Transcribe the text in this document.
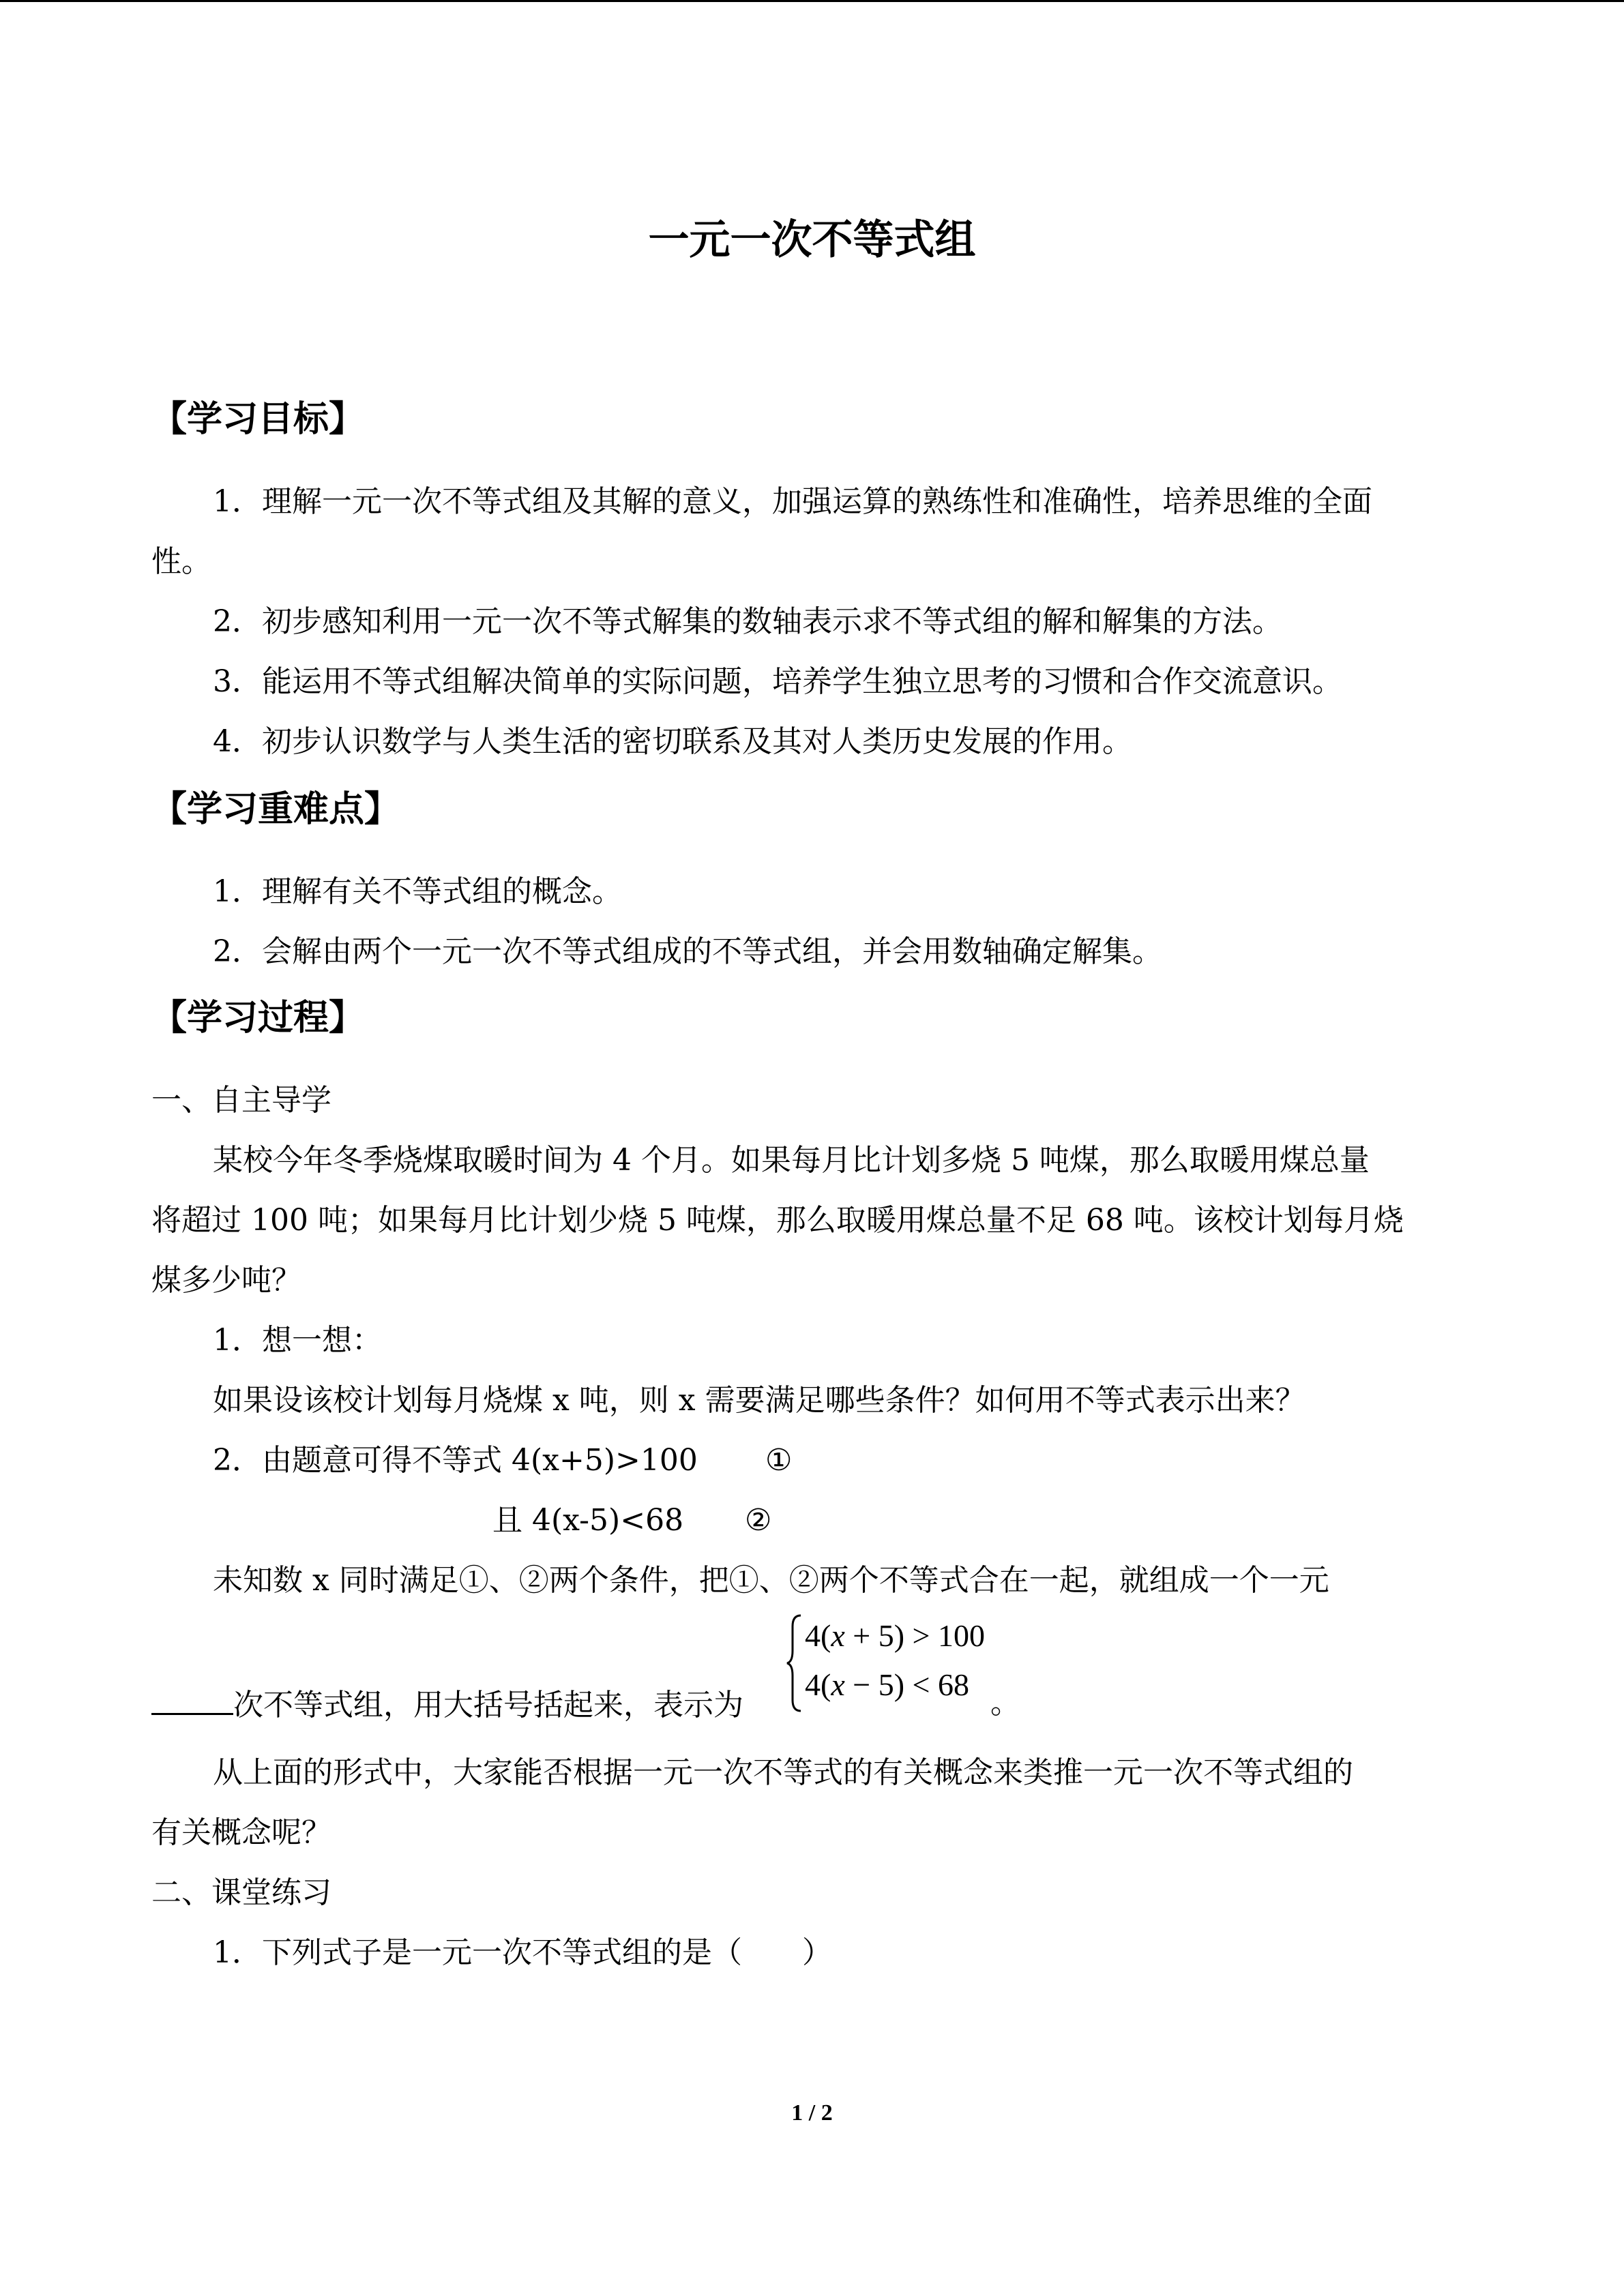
一元一次不等式组
【学习目标】
1．理解一元一次不等式组及其解的意义，加强运算的熟练性和准确性，培养思维的全面
性。
2．初步感知利用一元一次不等式解集的数轴表示求不等式组的解和解集的方法。
3．能运用不等式组解决简单的实际问题，培养学生独立思考的习惯和合作交流意识。
4．初步认识数学与人类生活的密切联系及其对人类历史发展的作用。
【学习重难点】
1．理解有关不等式组的概念。
2．会解由两个一元一次不等式组成的不等式组，并会用数轴确定解集。
【学习过程】
一、自主导学
某校今年冬季烧煤取暖时间为 4 个月。如果每月比计划多烧 5 吨煤，那么取暖用煤总量
将超过 100 吨；如果每月比计划少烧 5 吨煤，那么取暖用煤总量不足 68 吨。该校计划每月烧
煤多少吨？
1．想一想：
如果设该校计划每月烧煤 x 吨，则 x 需要满足哪些条件？如何用不等式表示出来？
2．由题意可得不等式 4(x+5)>100 ①
且 4(x-5)<68 ②
未知数 x 同时满足①、②两个条件，把①、②两个不等式合在一起，就组成一个一元
次不等式组，用大括号括起来，表示为
4(x + 5) > 100
4(x − 5) < 68
。
从上面的形式中，大家能否根据一元一次不等式的有关概念来类推一元一次不等式组的
有关概念呢？
二、课堂练习
1．下列式子是一元一次不等式组的是（　　）
1 / 2
